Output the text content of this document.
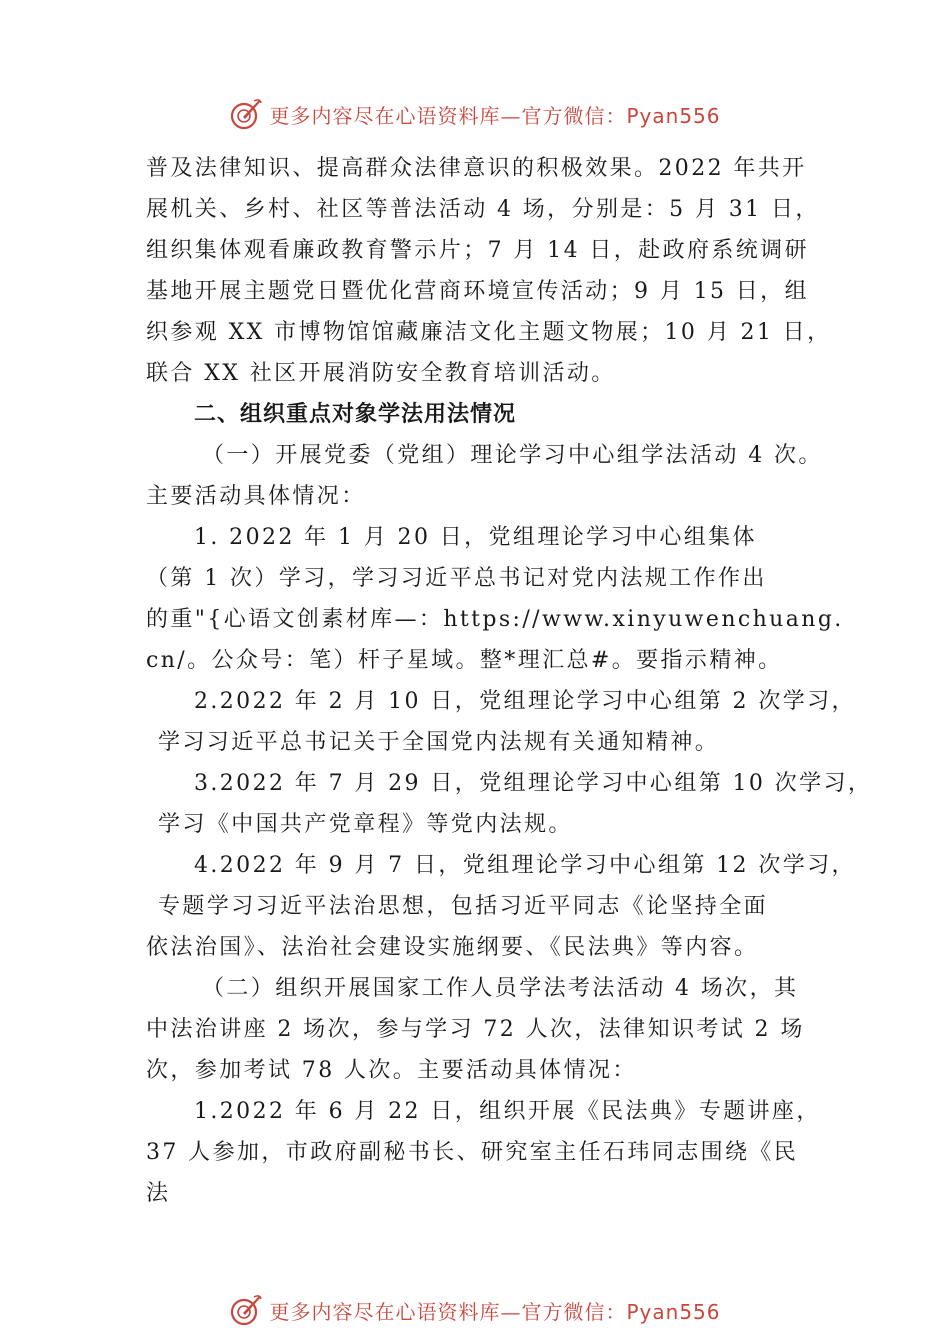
更多内容尽在心语资料库—官方微信：Pyan556
普及法律知识、提高群众法律意识的积极效果。2022 年共开
展机关、乡村、社区等普法活动 4 场，分别是：5 月 31 日，
组织集体观看廉政教育警示片；7 月 14 日，赴政府系统调研
基地开展主题党日暨优化营商环境宣传活动；9 月 15 日，组
织参观 XX 市博物馆馆藏廉洁文化主题文物展；10 月 21 日，
联合 XX 社区开展消防安全教育培训活动。
二、组织重点对象学法用法情况
（一）开展党委（党组）理论学习中心组学法活动 4 次。
主要活动具体情况：
1. 2022 年 1 月 20 日，党组理论学习中心组集体
（第 1 次）学习，学习习近平总书记对党内法规工作作出
的重"{心语文创素材库—：https://www.xinyuwenchuang.
cn/。公众号：笔）杆子星域。整*理汇总#。要指示精神。
2.2022 年 2 月 10 日，党组理论学习中心组第 2 次学习，
学习习近平总书记关于全国党内法规有关通知精神。
3.2022 年 7 月 29 日，党组理论学习中心组第 10 次学习，
学习《中国共产党章程》等党内法规。
4.2022 年 9 月 7 日，党组理论学习中心组第 12 次学习，
专题学习习近平法治思想，包括习近平同志《论坚持全面
依法治国》、法治社会建设实施纲要、《民法典》等内容。
（二）组织开展国家工作人员学法考法活动 4 场次，其
中法治讲座 2 场次，参与学习 72 人次，法律知识考试 2 场
次，参加考试 78 人次。主要活动具体情况：
1.2022 年 6 月 22 日，组织开展《民法典》专题讲座，
37 人参加，市政府副秘书长、研究室主任石玮同志围绕《民
法
更多内容尽在心语资料库—官方微信：Pyan556
